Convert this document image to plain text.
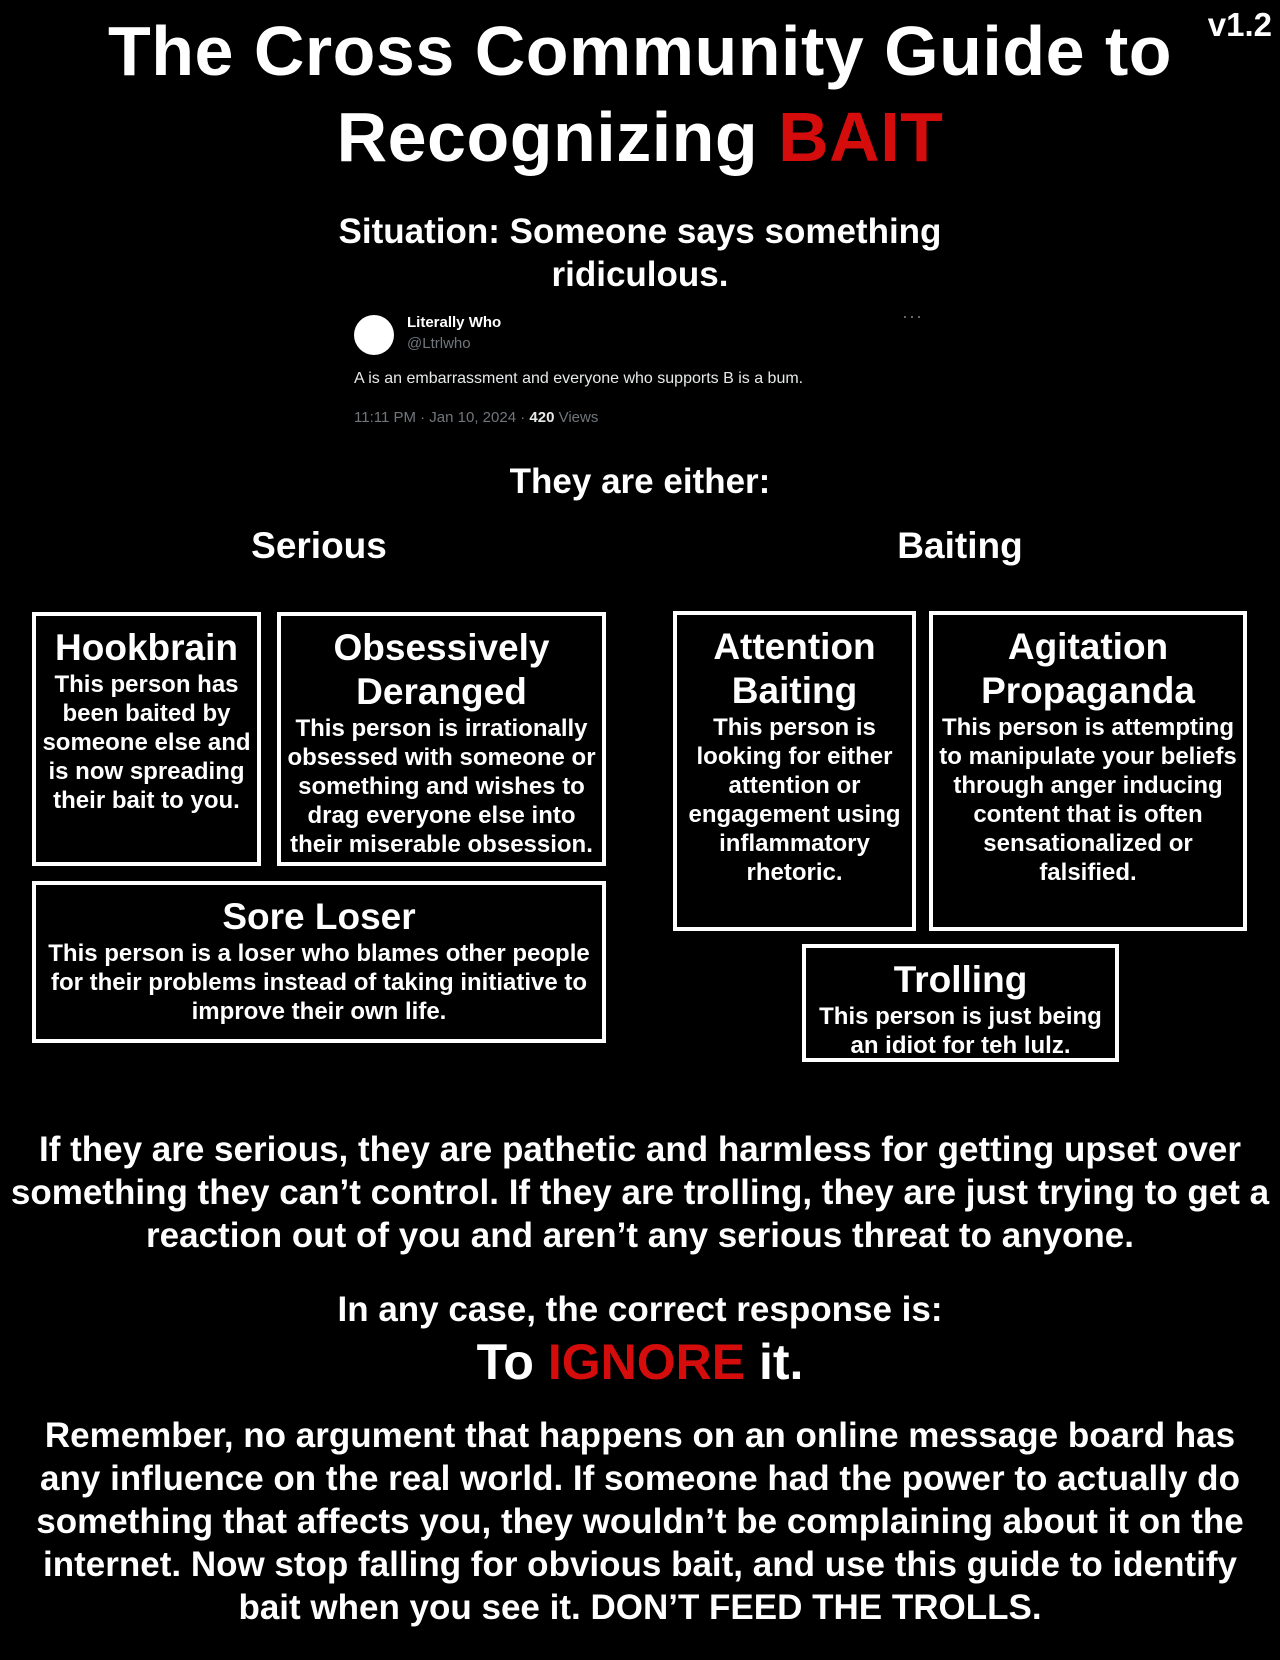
v1.2
The Cross Community Guide to
Recognizing BAIT
Situation: Someone says something
ridiculous.
Literally Who
@Ltrlwho
···
A is an embarrassment and everyone who supports B is a bum.
11:11 PM · Jan 10, 2024 · 420 Views
They are either:
Serious	Baiting
Hookbrain
This person has been baited by someone else and is now spreading their bait to you.
Obsessively Deranged
This person is irrationally obsessed with someone or something and wishes to drag everyone else into their miserable obsession.
Sore Loser
This person is a loser who blames other people for their problems instead of taking initiative to improve their own life.
Attention Baiting
This person is looking for either attention or engagement using inflammatory rhetoric.
Agitation Propaganda
This person is attempting to manipulate your beliefs through anger inducing content that is often sensationalized or falsified.
Trolling
This person is just being an idiot for teh lulz.
If they are serious, they are pathetic and harmless for getting upset over something they can’t control. If they are trolling, they are just trying to get a reaction out of you and aren’t any serious threat to anyone.
In any case, the correct response is:
To IGNORE it.
Remember, no argument that happens on an online message board has any influence on the real world. If someone had the power to actually do something that affects you, they wouldn’t be complaining about it on the internet. Now stop falling for obvious bait, and use this guide to identify bait when you see it. DON’T FEED THE TROLLS.
